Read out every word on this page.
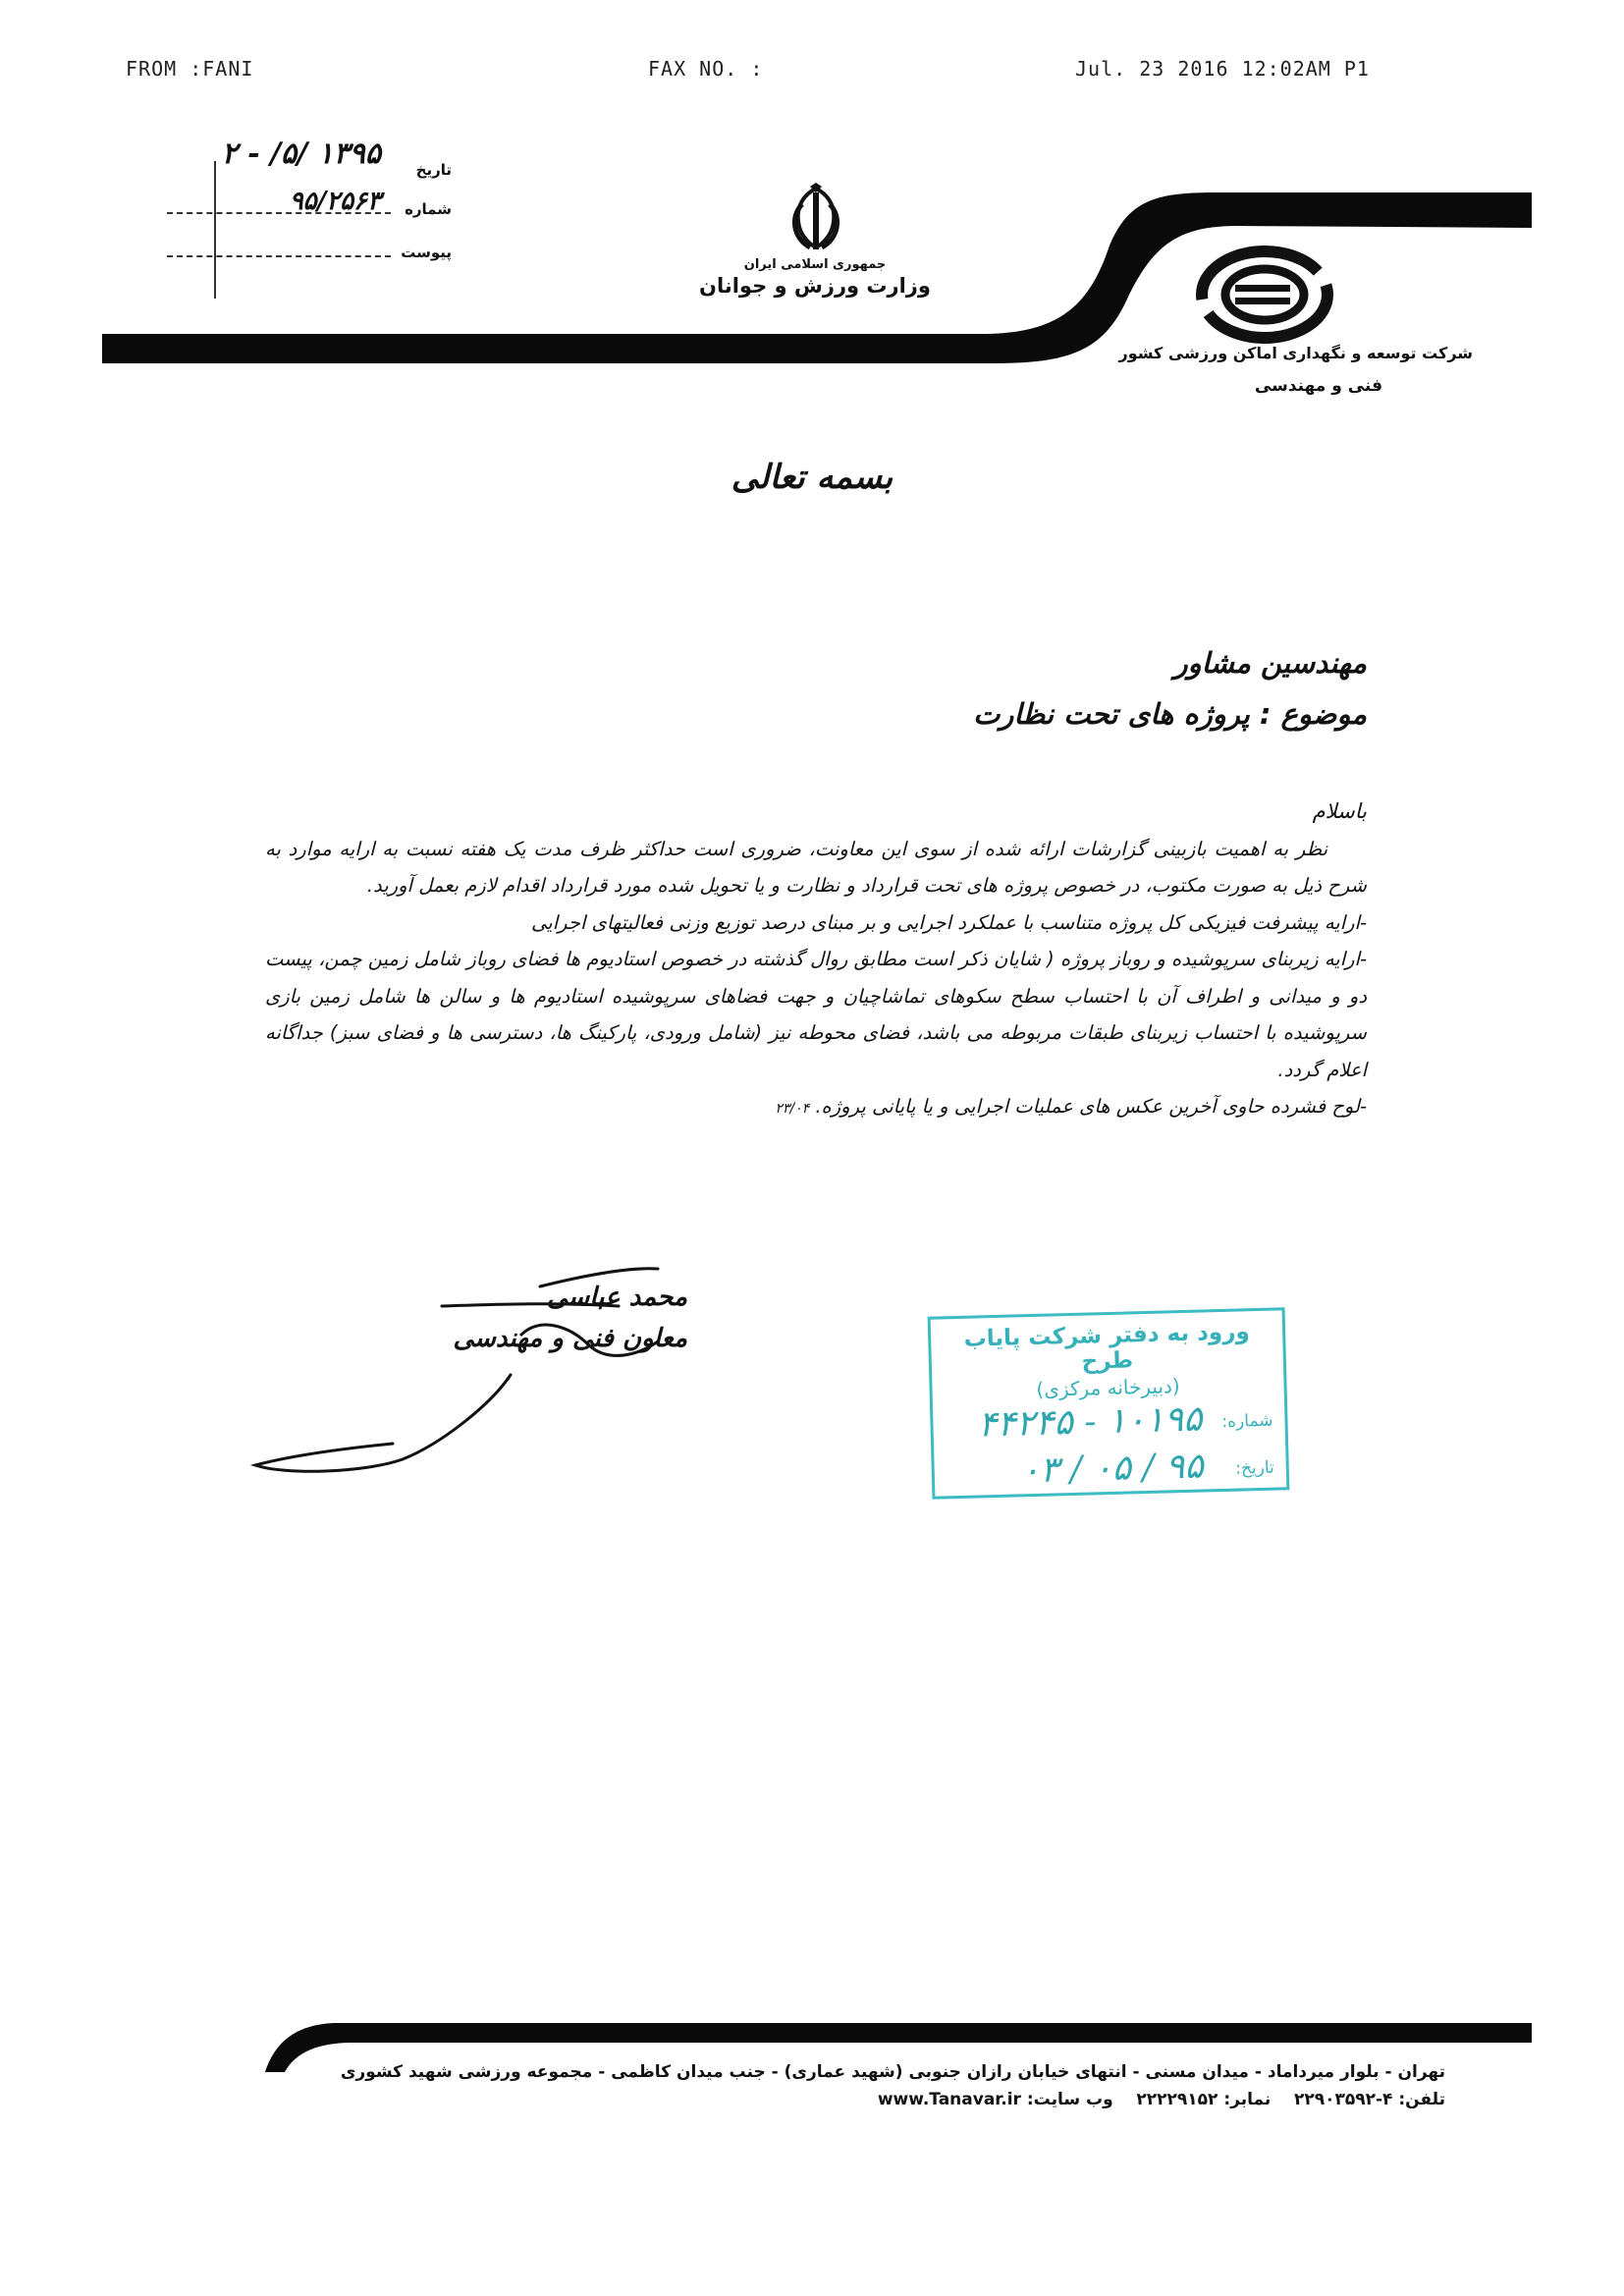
FROM :FANI	FAX NO. :	Jul. 23 2016 12:02AM P1
تاریخ
۱۳۹۵ /۵/ - ۲
شماره
۹۵/۲۵۶۳
پیوست
جمهوری اسلامی ایران
وزارت ورزش و جوانان
شرکت توسعه و نگهداری اماکن ورزشی کشور
فنی و مهندسی
بسمه تعالی
مهندسین مشاور
موضوع : پروژه های تحت نظارت

باسلام

نظر به اهمیت بازبینی گزارشات ارائه شده از سوی این معاونت، ضروری است حداکثر ظرف مدت یک هفته نسبت به ارایه موارد به شرح ذیل به صورت مکتوب، در خصوص پروژه های تحت قرارداد و نظارت و یا تحویل شده مورد قرارداد اقدام لازم بعمل آورید.

-ارایه پیشرفت فیزیکی کل پروژه متناسب با عملکرد اجرایی و بر مبنای درصد توزیع وزنی فعالیتهای اجرایی

-ارایه زیربنای سرپوشیده و روباز پروژه ( شایان ذکر است مطابق روال گذشته در خصوص استادیوم ها فضای روباز شامل زمین چمن، پیست دو و میدانی و اطراف آن با احتساب سطح سکوهای تماشاچیان و جهت فضاهای سرپوشیده استادیوم ها و سالن ها شامل زمین بازی سرپوشیده با احتساب زیربنای طبقات مربوطه می باشد، فضای محوطه نیز (شامل ورودی، پارکینگ ها، دسترسی ها و فضای سبز) جداگانه اعلام گردد.

-لوح فشرده حاوی آخرین عکس های عملیات اجرایی و یا پایانی پروژه. ۲۳/۰۴

محمد عباسی
معاون فنی و مهندسی	ورود به دفتر شرکت پایاب طرح
(دبیرخانه مرکزی)
شماره:
۱۰۱۹۵ - ۴۴۲۴۵
تاریخ:
۹۵ / ۰۵ / ۰۳
تهران - بلوار میرداماد - میدان مسنی - انتهای خیابان رازان جنوبی (شهید عماری) - جنب میدان کاظمی - مجموعه ورزشی شهید کشوری
تلفن: ۴-۲۲۹۰۳۵۹۲    نمابر: ۲۲۲۲۹۱۵۲    وب سایت: www.Tanavar.ir
